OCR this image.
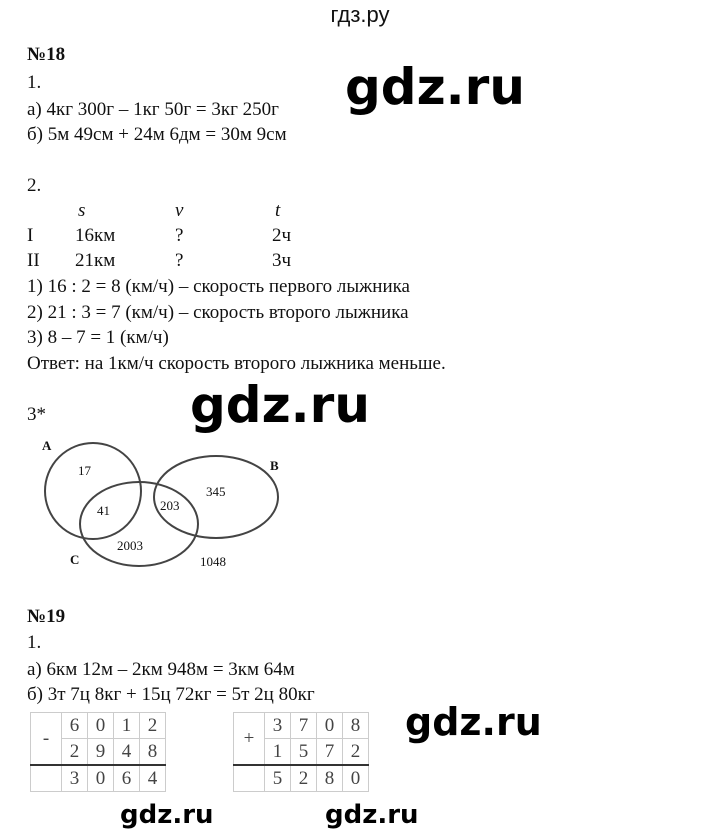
гдз.ру
№18
1.
а) 4кг 300г – 1кг 50г = 3кг 250г
б) 5м 49см + 24м 6дм = 30м 9см
gdz.ru
2.
s	v	t
I 16км	?	2ч
II 21км	?	3ч
1) 16 : 2 = 8 (км/ч) – скорость первого лыжника
2) 21 : 3 = 7 (км/ч) – скорость второго лыжника
3) 8 – 7 = 1 (км/ч)
Ответ: на 1км/ч скорость второго лыжника меньше.
3*	gdz.ru
A
B
C
17
41	203
345
2003
1048
№19
1.
а) 6км 12м – 2км 948м = 3км 64м
б) 3т 7ц 8кг + 15ц 72кг = 5т 2ц 80кг
-	6	0	1	2
	2	9	4	8
	3	0	6	4
+	3	7	0	8
	1	5	7	2
	5	2	8	0
gdz.ru
gdz.ru
gdz.ru
